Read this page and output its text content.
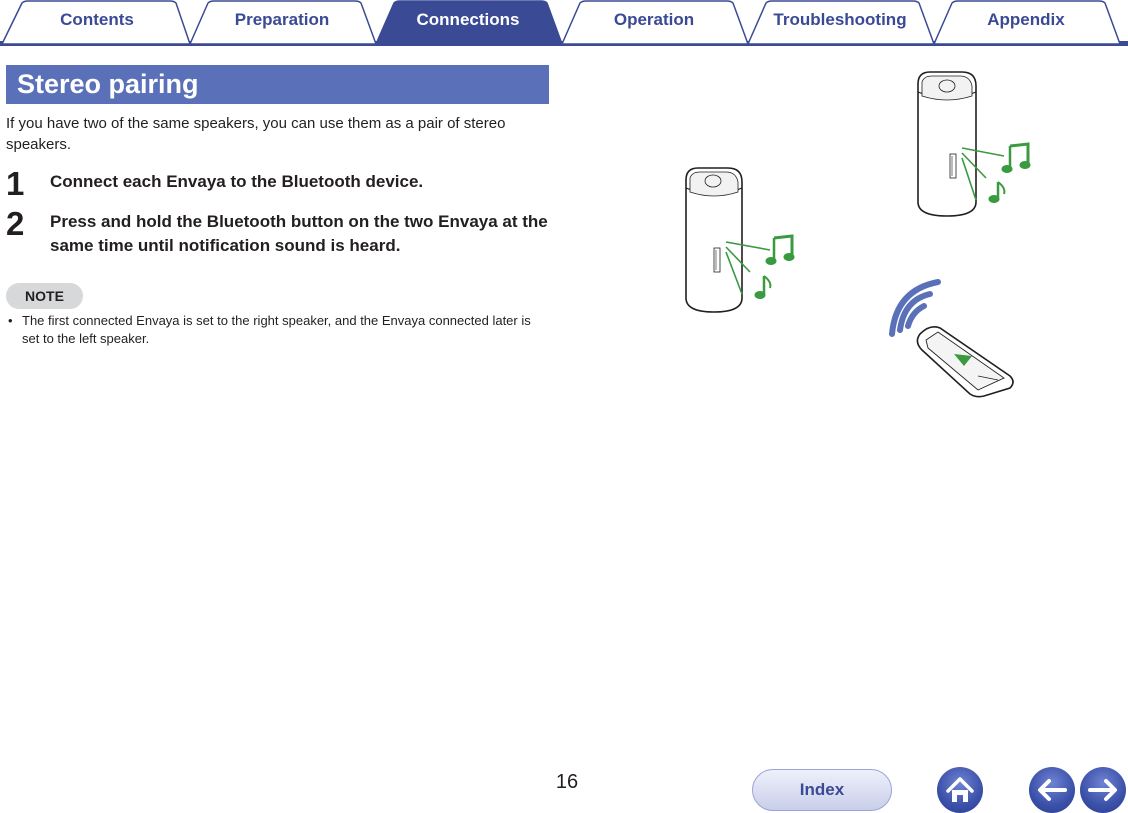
Contents	Preparation	Connections	Operation	Troubleshooting	Appendix
Stereo pairing
If you have two of the same speakers, you can use them as a pair of stereo speakers.
1 Connect each Envaya to the Bluetooth device.
2 Press and hold the Bluetooth button on the two Envaya at the same time until notification sound is heard.
NOTE
• The first connected Envaya is set to the right speaker, and the Envaya connected later is set to the left speaker.
16	Index
